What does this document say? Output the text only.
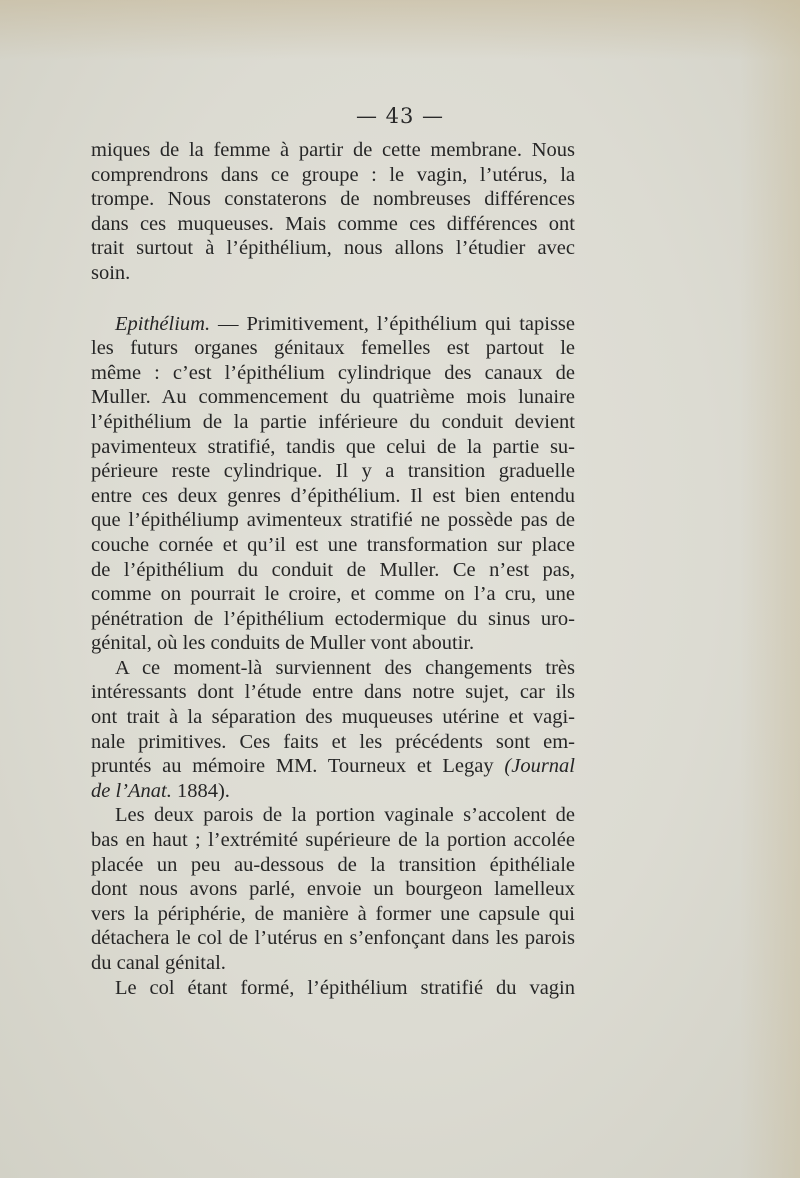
— 43 —

miques de la femme à partir de cette membrane. Nous

comprendrons dans ce groupe : le vagin, l’utérus, la

trompe. Nous constaterons de nombreuses différences

dans ces muqueuses. Mais comme ces différences ont

trait surtout à l’épithélium, nous allons l’étudier avec

soin.

Epithélium. — Primitivement, l’épithélium qui tapisse

les futurs organes génitaux femelles est partout le

même : c’est l’épithélium cylindrique des canaux de

Muller. Au commencement du quatrième mois lunaire

l’épithélium de la partie inférieure du conduit devient

pavimenteux stratifié, tandis que celui de la partie su-

périeure reste cylindrique. Il y a transition graduelle

entre ces deux genres d’épithélium. Il est bien entendu

que l’épithéliump avimenteux stratifié ne possède pas de

couche cornée et qu’il est une transformation sur place

de l’épithélium du conduit de Muller. Ce n’est pas,

comme on pourrait le croire, et comme on l’a cru, une

pénétration de l’épithélium ectodermique du sinus uro-

génital, où les conduits de Muller vont aboutir.

A ce moment-là surviennent des changements très

intéressants dont l’étude entre dans notre sujet, car ils

ont trait à la séparation des muqueuses utérine et vagi-

nale primitives. Ces faits et les précédents sont em-

pruntés au mémoire MM. Tourneux et Legay (Journal

de l’Anat. 1884).

Les deux parois de la portion vaginale s’accolent de

bas en haut ; l’extrémité supérieure de la portion accolée

placée un peu au-dessous de la transition épithéliale

dont nous avons parlé, envoie un bourgeon lamelleux

vers la périphérie, de manière à former une capsule qui

détachera le col de l’utérus en s’enfonçant dans les parois

du canal génital.

Le col étant formé, l’épithélium stratifié du vagin
